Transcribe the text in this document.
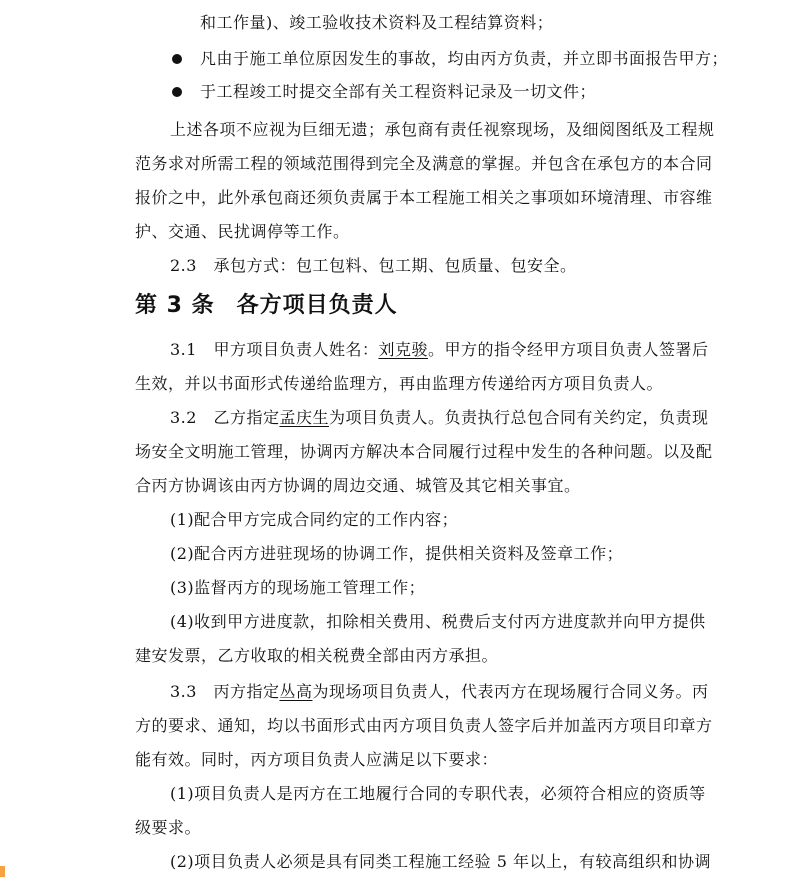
和工作量)、竣工验收技术资料及工程结算资料；
凡由于施工单位原因发生的事故，均由丙方负责，并立即书面报告甲方；
于工程竣工时提交全部有关工程资料记录及一切文件；
上述各项不应视为巨细无遗；承包商有责任视察现场，及细阅图纸及工程规
范务求对所需工程的领域范围得到完全及满意的掌握。并包含在承包方的本合同
报价之中，此外承包商还须负责属于本工程施工相关之事项如环境清理、市容维
护、交通、民扰调停等工作。
2.3　承包方式：包工包料、包工期、包质量、包安全。
第 3 条 各方项目负责人
3.1　甲方项目负责人姓名：刘克骏。甲方的指令经甲方项目负责人签署后
生效，并以书面形式传递给监理方，再由监理方传递给丙方项目负责人。
3.2　乙方指定孟庆生为项目负责人。负责执行总包合同有关约定，负责现
场安全文明施工管理，协调丙方解决本合同履行过程中发生的各种问题。以及配
合丙方协调该由丙方协调的周边交通、城管及其它相关事宜。
(1)配合甲方完成合同约定的工作内容；
(2)配合丙方进驻现场的协调工作，提供相关资料及签章工作；
(3)监督丙方的现场施工管理工作；
(4)收到甲方进度款，扣除相关费用、税费后支付丙方进度款并向甲方提供
建安发票，乙方收取的相关税费全部由丙方承担。
3.3　丙方指定丛高为现场项目负责人，代表丙方在现场履行合同义务。丙
方的要求、通知，均以书面形式由丙方项目负责人签字后并加盖丙方项目印章方
能有效。同时，丙方项目负责人应满足以下要求：
(1)项目负责人是丙方在工地履行合同的专职代表，必须符合相应的资质等
级要求。
(2)项目负责人必须是具有同类工程施工经验 5 年以上，有较高组织和协调
